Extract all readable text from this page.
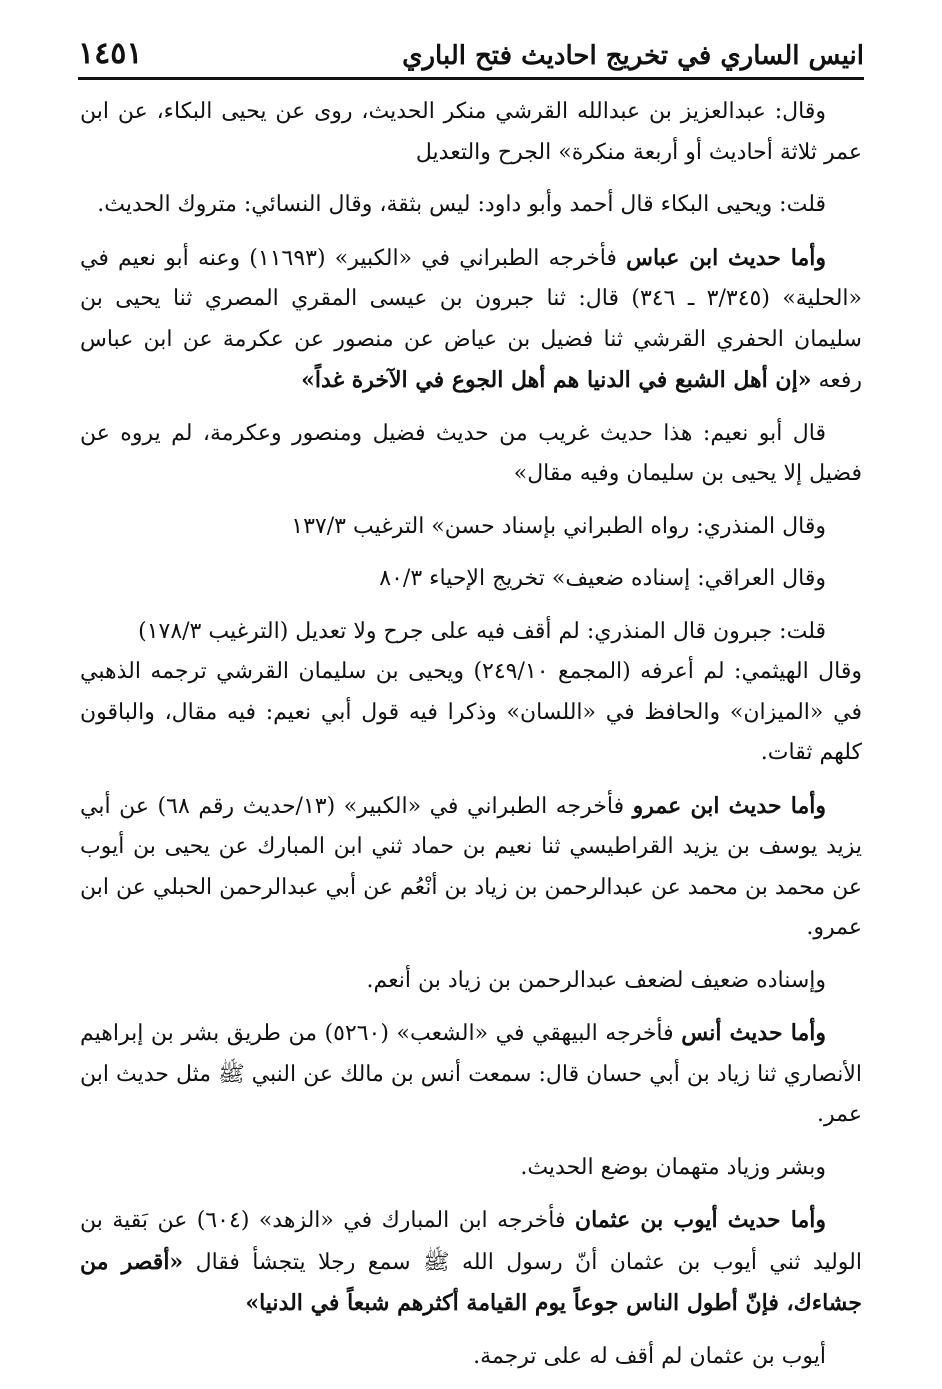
انيس الساري في تخريج احاديث فتح الباري
١٤٥١

وقال: عبدالعزيز بن عبدالله القرشي منكر الحديث، روى عن يحيى البكاء، عن ابن عمر ثلاثة أحاديث أو أربعة منكرة» الجرح والتعديل

قلت: ويحيى البكاء قال أحمد وأبو داود: ليس بثقة، وقال النسائي: متروك الحديث.

وأما حديث ابن عباس فأخرجه الطبراني في «الكبير» (١١٦٩٣) وعنه أبو نعيم في «الحلية» (٣/٣٤٥ ـ ٣٤٦) قال: ثنا جبرون بن عيسى المقري المصري ثنا يحيى بن سليمان الحفري القرشي ثنا فضيل بن عياض عن منصور عن عكرمة عن ابن عباس رفعه «إن أهل الشبع في الدنيا هم أهل الجوع في الآخرة غداً»

قال أبو نعيم: هذا حديث غريب من حديث فضيل ومنصور وعكرمة، لم يروه عن فضيل إلا يحيى بن سليمان وفيه مقال»

وقال المنذري: رواه الطبراني بإسناد حسن» الترغيب ١٣٧/٣

وقال العراقي: إسناده ضعيف» تخريج الإحياء ٨٠/٣

قلت: جبرون قال المنذري: لم أقف فيه على جرح ولا تعديل (الترغيب ١٧٨/٣)

وقال الهيثمي: لم أعرفه (المجمع ٢٤٩/١٠) ويحيى بن سليمان القرشي ترجمه الذهبي في «الميزان» والحافظ في «اللسان» وذكرا فيه قول أبي نعيم: فيه مقال، والباقون كلهم ثقات.

وأما حديث ابن عمرو فأخرجه الطبراني في «الكبير» (١٣/حديث رقم ٦٨) عن أبي يزيد يوسف بن يزيد القراطيسي ثنا نعيم بن حماد ثني ابن المبارك عن يحيى بن أيوب عن محمد بن محمد عن عبدالرحمن بن زياد بن أنْعُم عن أبي عبدالرحمن الحبلي عن ابن عمرو.

وإسناده ضعيف لضعف عبدالرحمن بن زياد بن أنعم.

وأما حديث أنس فأخرجه البيهقي في «الشعب» (٥٢٦٠) من طريق بشر بن إبراهيم الأنصاري ثنا زياد بن أبي حسان قال: سمعت أنس بن مالك عن النبي ﷺ مثل حديث ابن عمر.

وبشر وزياد متهمان بوضع الحديث.

وأما حديث أيوب بن عثمان فأخرجه ابن المبارك في «الزهد» (٦٠٤) عن بَقية بن الوليد ثني أيوب بن عثمان أنّ رسول الله ﷺ سمع رجلا يتجشأ فقال «أقصر من جشاءك، فإنّ أطول الناس جوعاً يوم القيامة أكثرهم شبعاً في الدنيا»

أيوب بن عثمان لم أقف له على ترجمة.
